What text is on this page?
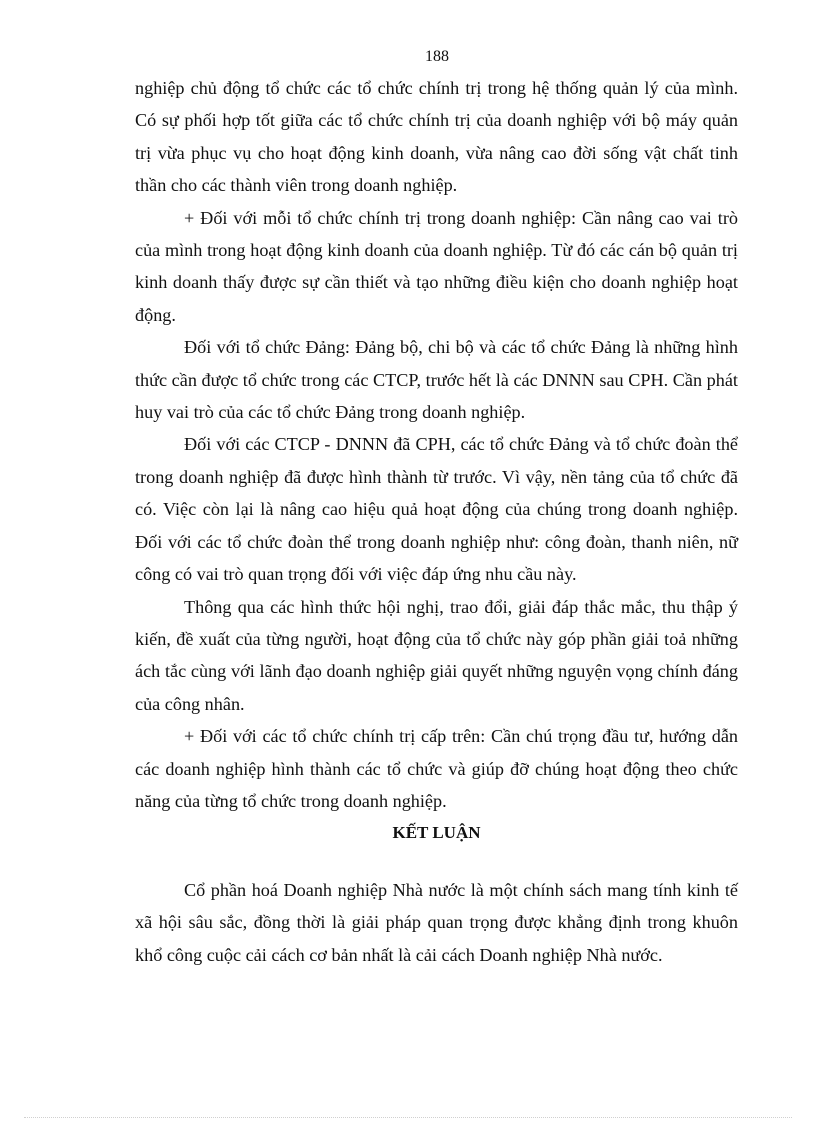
188

nghiệp chủ động tổ chức các tổ chức chính trị trong hệ thống quản lý của mình. Có sự phối hợp tốt giữa các tổ chức chính trị của doanh nghiệp với bộ máy quản trị vừa phục vụ cho hoạt động kinh doanh, vừa nâng cao đời sống vật chất tinh thần cho các thành viên trong doanh nghiệp.

+ Đối với mỗi tổ chức chính trị trong doanh nghiệp: Cần nâng cao vai trò của mình trong hoạt động kinh doanh của doanh nghiệp. Từ đó các cán bộ quản trị kinh doanh thấy được sự cần thiết và tạo những điều kiện cho doanh nghiệp hoạt động.

Đối với tổ chức Đảng: Đảng bộ, chi bộ và các tổ chức Đảng là những hình thức cần được tổ chức trong các CTCP, trước hết là các DNNN sau CPH. Cần phát huy vai trò của các tổ chức Đảng trong doanh nghiệp.

Đối với các CTCP - DNNN đã CPH, các tổ chức Đảng và tổ chức đoàn thể trong doanh nghiệp đã được hình thành từ trước. Vì vậy, nền tảng của tổ chức đã có. Việc còn lại là nâng cao hiệu quả hoạt động của chúng trong doanh nghiệp. Đối với các tổ chức đoàn thể trong doanh nghiệp như: công đoàn, thanh niên, nữ công có vai trò quan trọng đối với việc đáp ứng nhu cầu này.

Thông qua các hình thức hội nghị, trao đổi, giải đáp thắc mắc, thu thập ý kiến, đề xuất của từng người, hoạt động của tổ chức này góp phần giải toả những ách tắc cùng với lãnh đạo doanh nghiệp giải quyết những nguyện vọng chính đáng của công nhân.

+ Đối với các tổ chức chính trị cấp trên: Cần chú trọng đầu tư, hướng dẫn các doanh nghiệp hình thành các tổ chức và giúp đỡ chúng hoạt động theo chức năng của từng tổ chức trong doanh nghiệp.

KẾT LUẬN

Cổ phần hoá Doanh nghiệp Nhà nước là một chính sách mang tính kinh tế xã hội sâu sắc, đồng thời là giải pháp quan trọng được khẳng định trong khuôn khổ công cuộc cải cách cơ bản nhất là cải cách Doanh nghiệp Nhà nước.
